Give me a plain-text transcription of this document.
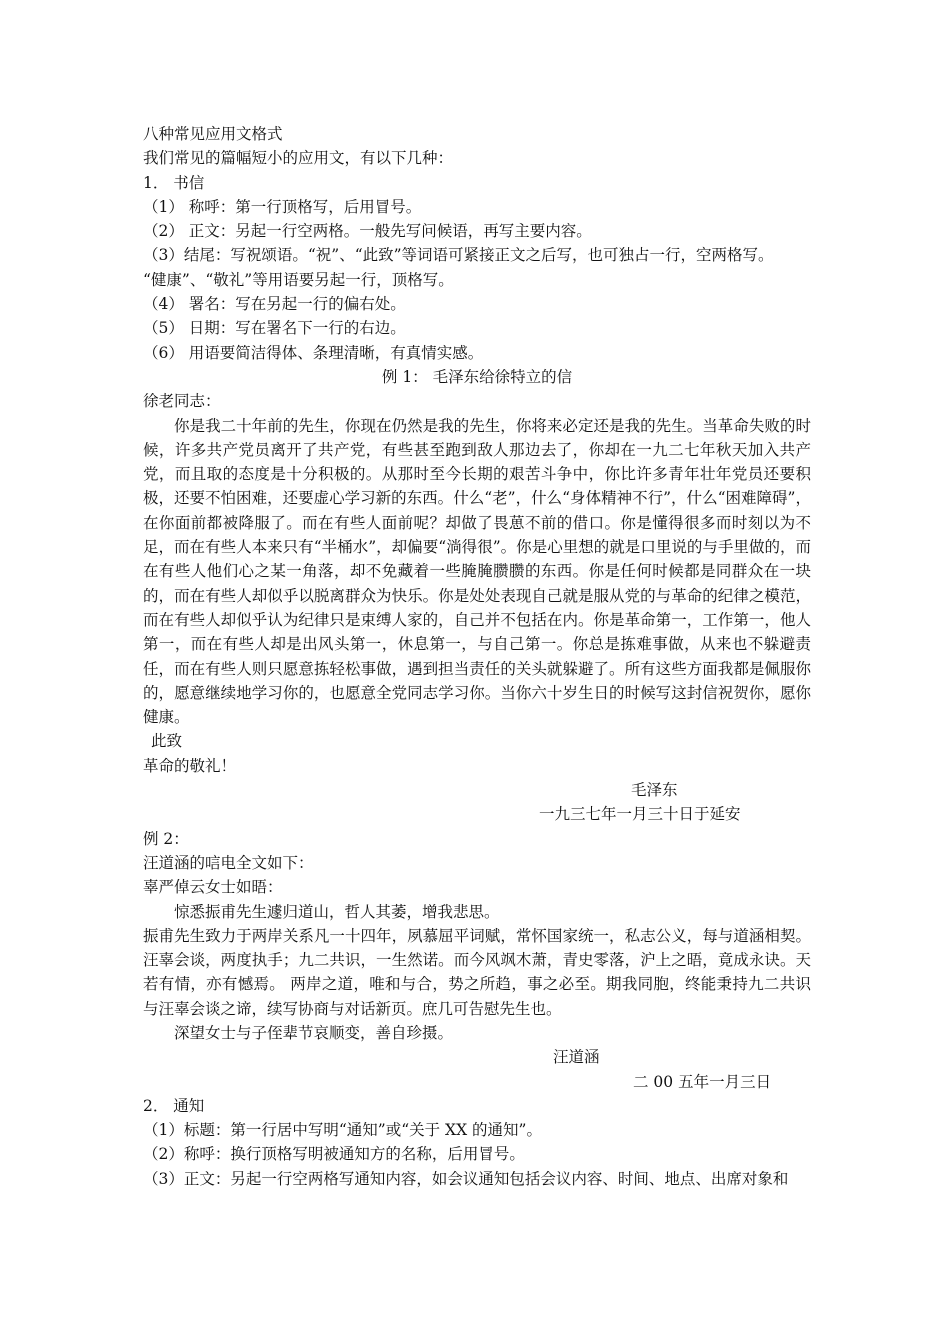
八种常见应用文格式
我们常见的篇幅短小的应用文，有以下几种：
1． 书信
（1） 称呼：第一行顶格写，后用冒号。
（2） 正文：另起一行空两格。一般先写问候语，再写主要内容。
（3）结尾：写祝颂语。“祝”、“此致”等词语可紧接正文之后写，也可独占一行，空两格写。
“健康”、“敬礼”等用语要另起一行，顶格写。
（4） 署名：写在另起一行的偏右处。
（5） 日期：写在署名下一行的右边。
（6） 用语要简洁得体、条理清晰，有真情实感。
例 1： 毛泽东给徐特立的信
徐老同志：
你是我二十年前的先生，你现在仍然是我的先生，你将来必定还是我的先生。当革命失败的时候，许多共产党员离开了共产党，有些甚至跑到敌人那边去了，你却在一九二七年秋天加入共产党，而且取的态度是十分积极的。从那时至今长期的艰苦斗争中，你比许多青年壮年党员还要积极，还要不怕困难，还要虚心学习新的东西。什么“老”，什么“身体精神不行”，什么“困难障碍”，在你面前都被降服了。而在有些人面前呢？却做了畏葸不前的借口。你是懂得很多而时刻以为不足，而在有些人本来只有“半桶水”，却偏要“淌得很”。你是心里想的就是口里说的与手里做的，而在有些人他们心之某一角落，却不免藏着一些腌腌臜臜的东西。你是任何时候都是同群众在一块的，而在有些人却似乎以脱离群众为快乐。你是处处表现自己就是服从党的与革命的纪律之模范，而在有些人却似乎认为纪律只是束缚人家的，自己并不包括在内。你是革命第一，工作第一，他人第一，而在有些人却是出风头第一，休息第一，与自己第一。你总是拣难事做，从来也不躲避责任，而在有些人则只愿意拣轻松事做，遇到担当责任的关头就躲避了。所有这些方面我都是佩服你的，愿意继续地学习你的，也愿意全党同志学习你。当你六十岁生日的时候写这封信祝贺你，愿你健康。
此致
革命的敬礼！
毛泽东
一九三七年一月三十日于延安
例 2：
汪道涵的唁电全文如下：
辜严倬云女士如晤：
惊悉振甫先生遽归道山，哲人其萎，增我悲思。
振甫先生致力于两岸关系凡一十四年，夙慕屈平词赋，常怀国家统一，私志公义，每与道涵相契。汪辜会谈，两度执手；九二共识，一生然诺。而今风飒木萧，青史零落，沪上之晤，竟成永诀。天若有情，亦有憾焉。 两岸之道，唯和与合，势之所趋，事之必至。期我同胞，终能秉持九二共识与汪辜会谈之谛，续写协商与对话新页。庶几可告慰先生也。
深望女士与子侄辈节哀顺变，善自珍摄。
汪道涵
二 00 五年一月三日
2． 通知
（1）标题：第一行居中写明“通知”或“关于 XX 的通知”。
（2）称呼：换行顶格写明被通知方的名称，后用冒号。
（3）正文：另起一行空两格写通知内容，如会议通知包括会议内容、时间、地点、出席对象和
